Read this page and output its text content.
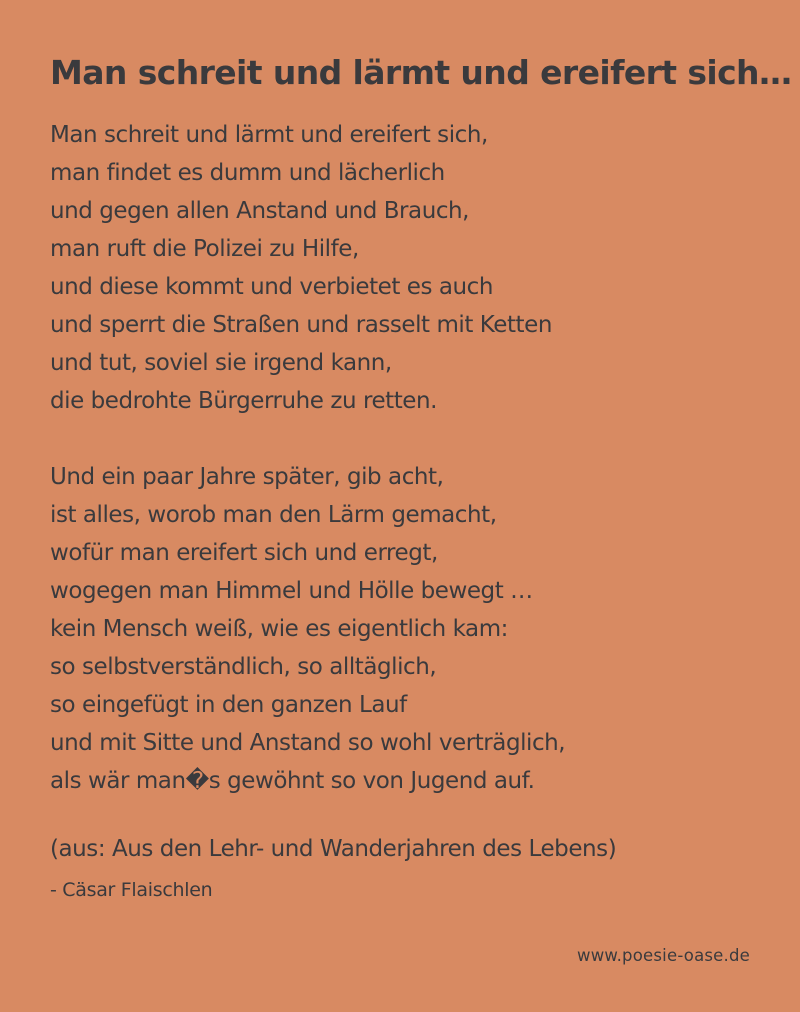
Man schreit und lärmt und ereifert sich…
Man schreit und lärmt und ereifert sich,
man findet es dumm und lächerlich
und gegen allen Anstand und Brauch,
man ruft die Polizei zu Hilfe,
und diese kommt und verbietet es auch
und sperrt die Straßen und rasselt mit Ketten
und tut, soviel sie irgend kann,
die bedrohte Bürgerruhe zu retten.
Und ein paar Jahre später, gib acht,
ist alles, worob man den Lärm gemacht,
wofür man ereifert sich und erregt,
wogegen man Himmel und Hölle bewegt …
kein Mensch weiß, wie es eigentlich kam:
so selbstverständlich, so alltäglich,
so eingefügt in den ganzen Lauf
und mit Sitte und Anstand so wohl verträglich,
als wär man�s gewöhnt so von Jugend auf.
(aus: Aus den Lehr- und Wanderjahren des Lebens)
- Cäsar Flaischlen
www.poesie-oase.de
